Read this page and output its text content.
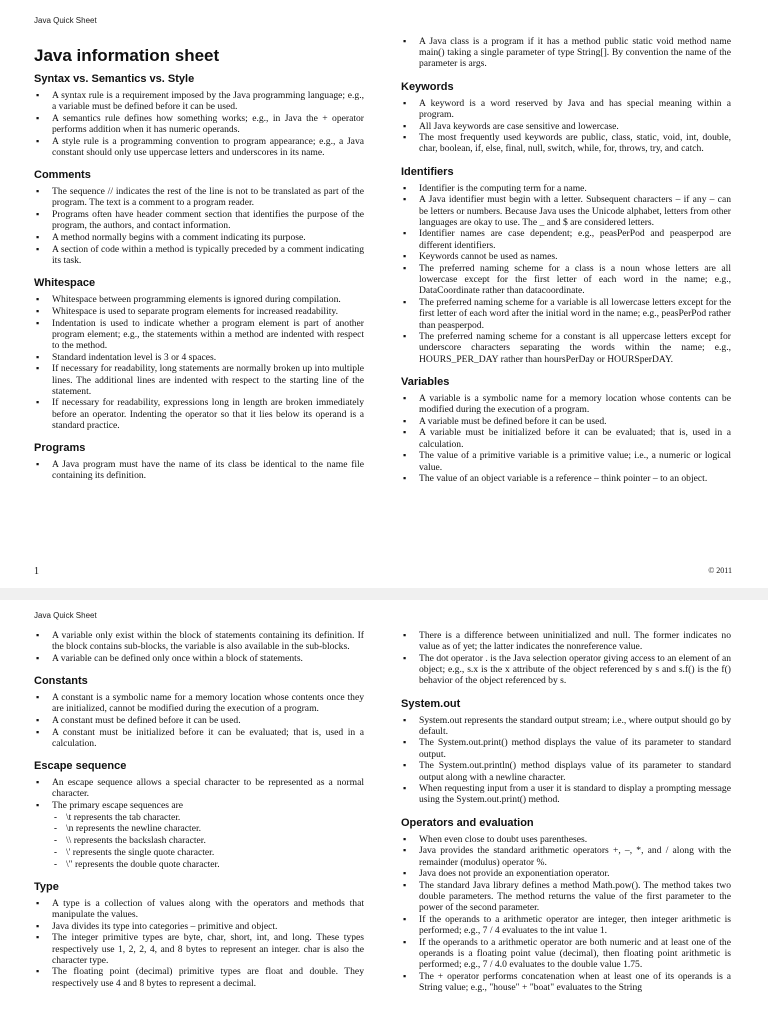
Java Quick Sheet
Java information sheet
Syntax vs. Semantics vs. Style
▪ A syntax rule is a requirement imposed by the Java programming language; e.g., a variable must be defined before it can be used.
▪ A semantics rule defines how something works; e.g., in Java the + operator performs addition when it has numeric operands.
▪ A style rule is a programming convention to program appearance; e.g., a Java constant should only use uppercase letters and underscores in its name.
Comments
▪ The sequence // indicates the rest of the line is not to be translated as part of the program. The text is a comment to a program reader.
▪ Programs often have header comment section that identifies the purpose of the program, the authors, and contact information.
▪ A method normally begins with a comment indicating its purpose.
▪ A section of code within a method is typically preceded by a comment indicating its task.
Whitespace
▪ Whitespace between programming elements is ignored during compilation.
▪ Whitespace is used to separate program elements for increased readability.
▪ Indentation is used to indicate whether a program element is part of another program element; e.g., the statements within a method are indented with respect to the method.
▪ Standard indentation level is 3 or 4 spaces.
▪ If necessary for readability, long statements are normally broken up into multiple lines. The additional lines are indented with respect to the starting line of the statement.
▪ If necessary for readability, expressions long in length are broken immediately before an operator. Indenting the operator so that it lies below its operand is a standard practice.
Programs
▪ A Java program must have the name of its class be identical to the name file containing its definition.
▪ A Java class is a program if it has a method public static void method name main() taking a single parameter of type String[]. By convention the name of the parameter is args.
Keywords
▪ A keyword is a word reserved by Java and has special meaning within a program.
▪ All Java keywords are case sensitive and lowercase.
▪ The most frequently used keywords are public, class, static, void, int, double, char, boolean, if, else, final, null, switch, while, for, throws, try, and catch.
Identifiers
▪ Identifier is the computing term for a name.
▪ A Java identifier must begin with a letter. Subsequent characters – if any – can be letters or numbers. Because Java uses the Unicode alphabet, letters from other languages are okay to use. The _ and $ are considered letters.
▪ Identifier names are case dependent; e.g., peasPerPod and peasperpod are different identifiers.
▪ Keywords cannot be used as names.
▪ The preferred naming scheme for a class is a noun whose letters are all lowercase except for the first letter of each word in the name; e.g., DataCoordinate rather than datacoordinate.
▪ The preferred naming scheme for a variable is all lowercase letters except for the first letter of each word after the initial word in the name; e.g., peasPerPod rather than peasperpod.
▪ The preferred naming scheme for a constant is all uppercase letters except for underscore characters separating the words within the name; e.g., HOURS_PER_DAY rather than hoursPerDay or HOURSperDAY.
Variables
▪ A variable is a symbolic name for a memory location whose contents can be modified during the execution of a program.
▪ A variable must be defined before it can be used.
▪ A variable must be initialized before it can be evaluated; that is, used in a calculation.
▪ The value of a primitive variable is a primitive value; i.e., a numeric or logical value.
▪ The value of an object variable is a reference – think pointer – to an object.
1	© 2011
Java Quick Sheet
▪ A variable only exist within the block of statements containing its definition. If the block contains sub-blocks, the variable is also available in the sub-blocks.
▪ A variable can be defined only once within a block of statements.
Constants
▪ A constant is a symbolic name for a memory location whose contents once they are initialized, cannot be modified during the execution of a program.
▪ A constant must be defined before it can be used.
▪ A constant must be initialized before it can be evaluated; that is, used in a calculation.
Escape sequence
▪ An escape sequence allows a special character to be represented as a normal character.
▪ The primary escape sequences are
- \t represents the tab character.
- \n represents the newline character.
- \\ represents the backslash character.
- \' represents the single quote character.
- \" represents the double quote character.
Type
▪ A type is a collection of values along with the operators and methods that manipulate the values.
▪ Java divides its type into categories – primitive and object.
▪ The integer primitive types are byte, char, short, int, and long. These types respectively use 1, 2, 2, 4, and 8 bytes to represent an integer. char is also the character type.
▪ The floating point (decimal) primitive types are float and double. They respectively use 4 and 8 bytes to represent a decimal.
▪ There is a difference between uninitialized and null. The former indicates no value as of yet; the latter indicates the nonreference value.
▪ The dot operator . is the Java selection operator giving access to an element of an object; e.g., s.x is the x attribute of the object referenced by s and s.f() is the f() behavior of the object referenced by s.
System.out
▪ System.out represents the standard output stream; i.e., where output should go by default.
▪ The System.out.print() method displays the value of its parameter to standard output.
▪ The System.out.println() method displays value of its parameter to standard output along with a newline character.
▪ When requesting input from a user it is standard to display a prompting message using the System.out.print() method.
Operators and evaluation
▪ When even close to doubt uses parentheses.
▪ Java provides the standard arithmetic operators +, –, *, and / along with the remainder (modulus) operator %.
▪ Java does not provide an exponentiation operator.
▪ The standard Java library defines a method Math.pow(). The method takes two double parameters. The method returns the value of the first parameter to the power of the second parameter.
▪ If the operands to a arithmetic operator are integer, then integer arithmetic is performed; e.g., 7 / 4 evaluates to the int value 1.
▪ If the operands to a arithmetic operator are both numeric and at least one of the operands is a floating point value (decimal), then floating point arithmetic is performed; e.g., 7 / 4.0 evaluates to the double value 1.75.
▪ The + operator performs concatenation when at least one of its operands is a String value; e.g., "house" + "boat" evaluates to the String
